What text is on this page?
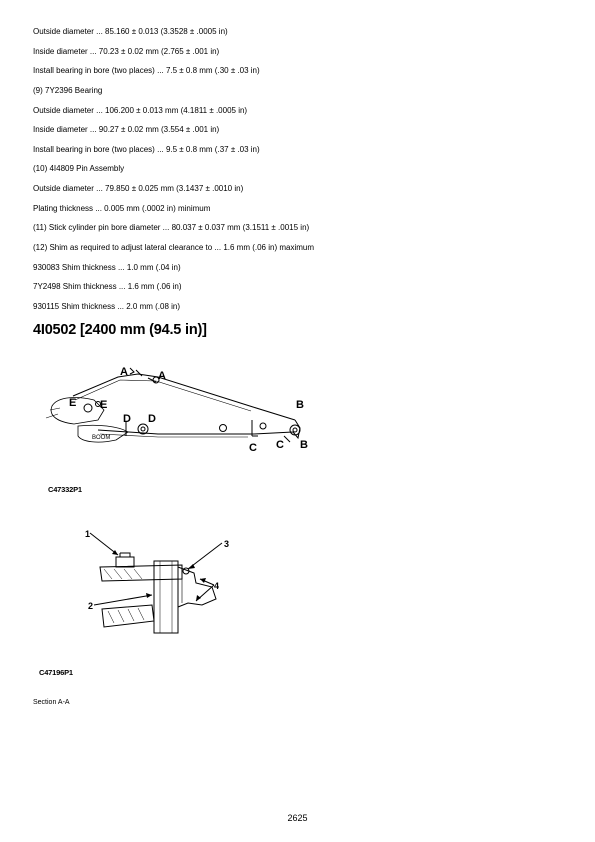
Outside diameter ... 85.160 ± 0.013 (3.3528 ± .0005 in)

Inside diameter ... 70.23 ± 0.02 mm (2.765 ± .001 in)

Install bearing in bore (two places) ... 7.5 ± 0.8 mm (.30 ± .03 in)

(9) 7Y2396 Bearing

Outside diameter ... 106.200 ± 0.013 mm (4.1811 ± .0005 in)

Inside diameter ... 90.27 ± 0.02 mm (3.554 ± .001 in)

Install bearing in bore (two places) ... 9.5 ± 0.8 mm (.37 ± .03 in)

(10) 4I4809 Pin Assembly

Outside diameter ... 79.850 ± 0.025 mm (3.1437 ± .0010 in)

Plating thickness ... 0.005 mm (.0002 in) minimum

(11) Stick cylinder pin bore diameter ... 80.037 ± 0.037 mm (3.1511 ± .0015 in)

(12) Shim as required to adjust lateral clearance to ... 1.6 mm (.06 in) maximum

930083 Shim thickness ... 1.0 mm (.04 in)

7Y2498 Shim thickness ... 1.6 mm (.06 in)

930115 Shim thickness ... 2.0 mm (.08 in)

4I0502 [2400 mm (94.5 in)]
A	A
B
B
C C
D D
E E
BOOM

C47332P1

1
2
3
4

C47196P1

Section A-A

2625
